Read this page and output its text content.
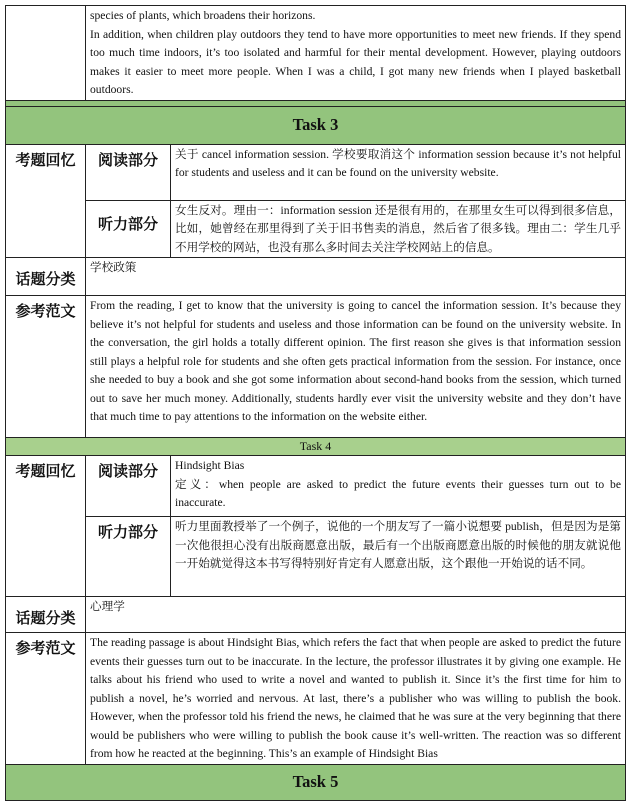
	species of plants, which broadens their horizons.
In addition, when children play outdoors they tend to have more opportunities to meet new friends. If they spend too much time indoors, it’s too isolated and harmful for their mental development. However, playing outdoors makes it easier to meet more people. When I was a child, I got many new friends when I played basketball outdoors.	

Task 3		
考题回忆	阅读部分	关于 cancel information session. 学校要取消这个 information session because it’s not helpful for students and useless and it can be found on the university website.
	听力部分	女生反对。理由一：information session 还是很有用的，在那里女生可以得到很多信息，比如，她曾经在那里得到了关于旧书售卖的消息，然后省了很多钱。理由二：学生几乎不用学校的网站，也没有那么多时间去关注学校网站上的信息。
话题分类	学校政策	
参考范文	From the reading, I get to know that the university is going to cancel the information session. It’s because they believe it’s not helpful for students and useless and those information can be found on the university website. In the conversation, the girl holds a totally different opinion. The first reason she gives is that information session still plays a helpful role for students and she often gets practical information from the session. For instance, once she needed to buy a book and she got some information about second-hand books from the session, which turned out to save her much money. Additionally, students hardly ever visit the university website and they don’t have that much time to pay attentions to the information on the website either.	
Task 4		
考题回忆	阅读部分	Hindsight Bias
定义：when people are asked to predict the future events their guesses turn out to be inaccurate.

	听力部分	听力里面教授举了一个例子，说他的一个朋友写了一篇小说想要 publish，但是因为是第一次他很担心没有出版商愿意出版，最后有一个出版商愿意出版的时候他的朋友就说他一开始就觉得这本书写得特别好肯定有人愿意出版，这个跟他一开始说的话不同。
话题分类	心理学	
参考范文	The reading passage is about Hindsight Bias, which refers the fact that when people are asked to predict the future events their guesses turn out to be inaccurate. In the lecture, the professor illustrates it by giving one example. He talks about his friend who used to write a novel and wanted to publish it. Since it’s the first time for him to publish a novel, he’s worried and nervous. At last, there’s a publisher who was willing to publish the book. However, when the professor told his friend the news, he claimed that he was sure at the very beginning that there would be publishers who were willing to publish the book cause it’s well-written. The reaction was so different from how he reacted at the beginning. This’s an example of Hindsight Bias	
Task 5		
